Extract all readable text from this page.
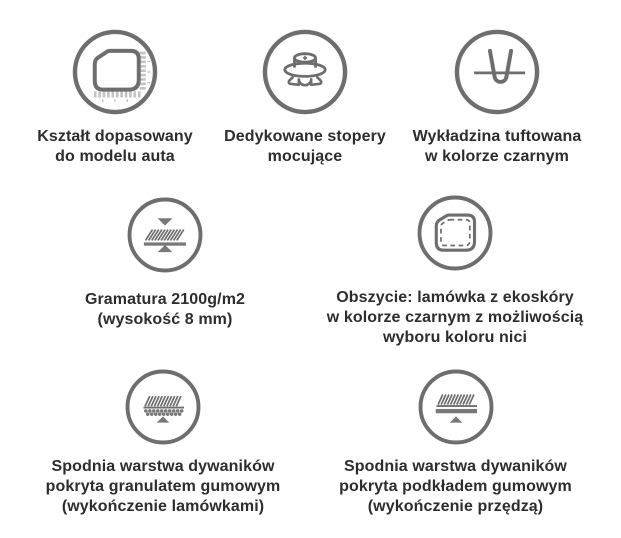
Kształt dopasowany
do modelu auta
Dedykowane stopery
mocujące
Wykładzina tuftowana
w kolorze czarnym
Gramatura 2100g/m2
(wysokość 8 mm)
Obszycie: lamówka z ekoskóry
w kolorze czarnym z możliwością
wyboru koloru nici
Spodnia warstwa dywaników
pokryta granulatem gumowym
(wykończenie lamówkami)
Spodnia warstwa dywaników
pokryta podkładem gumowym
(wykończenie przędzą)
